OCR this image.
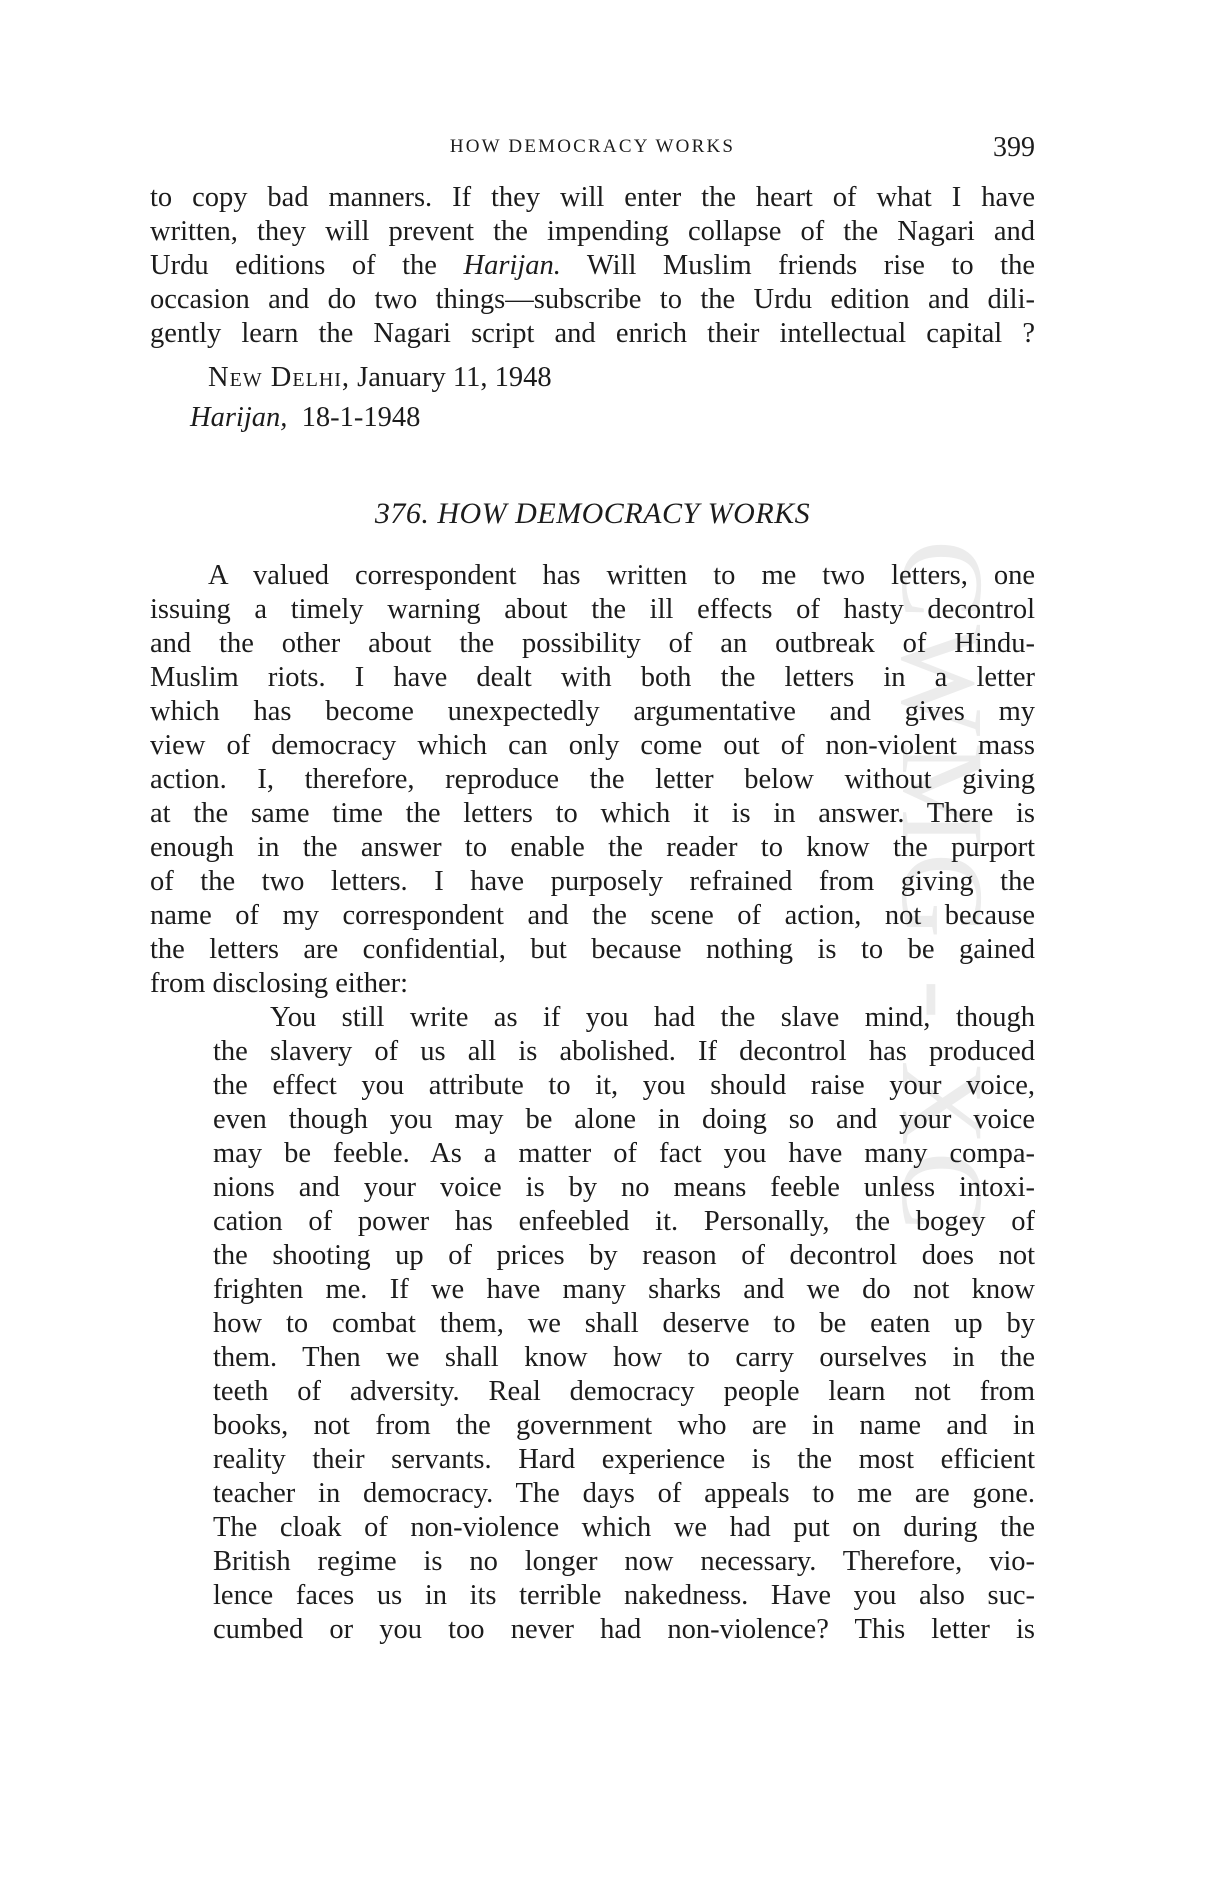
CWMG - XC
HOW DEMOCRACY WORKS	399
to copy bad manners. If they will enter the heart of what I have
written, they will prevent the impending collapse of the Nagari and
Urdu editions of the Harijan. Will Muslim friends rise to the
occasion and do two things—subscribe to the Urdu edition and dili-
gently learn the Nagari script and enrich their intellectual capital ?
New Delhi, January 11, 1948
Harijan, 18-1-1948
376. HOW DEMOCRACY WORKS
A valued correspondent has written to me two letters, one
issuing a timely warning about the ill effects of hasty decontrol
and the other about the possibility of an outbreak of Hindu-
Muslim riots. I have dealt with both the letters in a letter
which has become unexpectedly argumentative and gives my
view of democracy which can only come out of non-violent mass
action. I, therefore, reproduce the letter below without giving
at the same time the letters to which it is in answer. There is
enough in the answer to enable the reader to know the purport
of the two letters. I have purposely refrained from giving the
name of my correspondent and the scene of action, not because
the letters are confidential, but because nothing is to be gained
from disclosing either:
You still write as if you had the slave mind, though
the slavery of us all is abolished. If decontrol has produced
the effect you attribute to it, you should raise your voice,
even though you may be alone in doing so and your voice
may be feeble. As a matter of fact you have many compa-
nions and your voice is by no means feeble unless intoxi-
cation of power has enfeebled it. Personally, the bogey of
the shooting up of prices by reason of decontrol does not
frighten me. If we have many sharks and we do not know
how to combat them, we shall deserve to be eaten up by
them. Then we shall know how to carry ourselves in the
teeth of adversity. Real democracy people learn not from
books, not from the government who are in name and in
reality their servants. Hard experience is the most efficient
teacher in democracy. The days of appeals to me are gone.
The cloak of non-violence which we had put on during the
British regime is no longer now necessary. Therefore, vio-
lence faces us in its terrible nakedness. Have you also suc-
cumbed or you too never had non-violence? This letter is
